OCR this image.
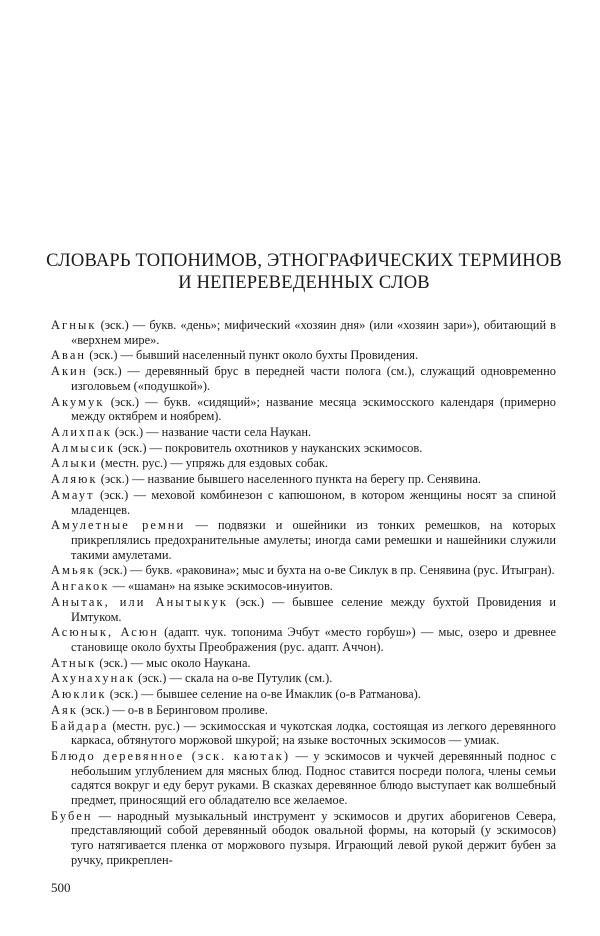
СЛОВАРЬ ТОПОНИМОВ, ЭТНОГРАФИЧЕСКИХ ТЕРМИНОВ
И НЕПЕРЕВЕДЕННЫХ СЛОВ
Агнык (эск.) — букв. «день»; мифический «хозяин дня» (или «хозяин зари»), обитающий в «верхнем мире».
Аван (эск.) — бывший населенный пункт около бухты Провидения.
Акин (эск.) — деревянный брус в передней части полога (см.), служащий одновременно изголовьем («подушкой»).
Акумук (эск.) — букв. «сидящий»; название месяца эскимосского календаря (примерно между октябрем и ноябрем).
Алихпак (эск.) — название части села Наукан.
Алмысик (эск.) — покровитель охотников у науканских эскимосов.
Алыки (местн. рус.) — упряжь для ездовых собак.
Аляюк (эск.) — название бывшего населенного пункта на берегу пр. Сенявина.
Амаут (эск.) — меховой комбинезон с капюшоном, в котором женщины носят за спиной младенцев.
Амулетные ремни — подвязки и ошейники из тонких ремешков, на которых прикреплялись предохранительные амулеты; иногда сами ремешки и нашейники служили такими амулетами.
Амьяк (эск.) — букв. «раковина»; мыс и бухта на о-ве Сиклук в пр. Сенявина (рус. Итыгран).
Ангакок — «шаман» на языке эскимосов-инуитов.
Анытак, или Анытыкук (эск.) — бывшее селение между бухтой Провидения и Имтуком.
Асюнык, Асюн (адапт. чук. топонима Эчбут «место горбуш») — мыс, озеро и древнее становище около бухты Преображения (рус. адапт. Аччон).
Атнык (эск.) — мыс около Наукана.
Ахунахунак (эск.) — скала на о-ве Путулик (см.).
Аюклик (эск.) — бывшее селение на о-ве Имаклик (о-в Ратманова).
Аяк (эск.) — о-в в Беринговом проливе.
Байдара (местн. рус.) — эскимосская и чукотская лодка, состоящая из легкого деревянного каркаса, обтянутого моржовой шкурой; на языке восточных эскимосов — умиак.
Блюдо деревянное (эск. каютак) — у эскимосов и чукчей деревянный поднос с небольшим углублением для мясных блюд. Поднос ставится посреди полога, члены семьи садятся вокруг и еду берут руками. В сказках деревянное блюдо выступает как волшебный предмет, приносящий его обладателю все желаемое.
Бубен — народный музыкальный инструмент у эскимосов и других аборигенов Севера, представляющий собой деревянный ободок овальной формы, на который (у эскимосов) туго натягивается пленка от моржового пузыря. Играющий левой рукой держит бубен за ручку, прикреплен-
500
